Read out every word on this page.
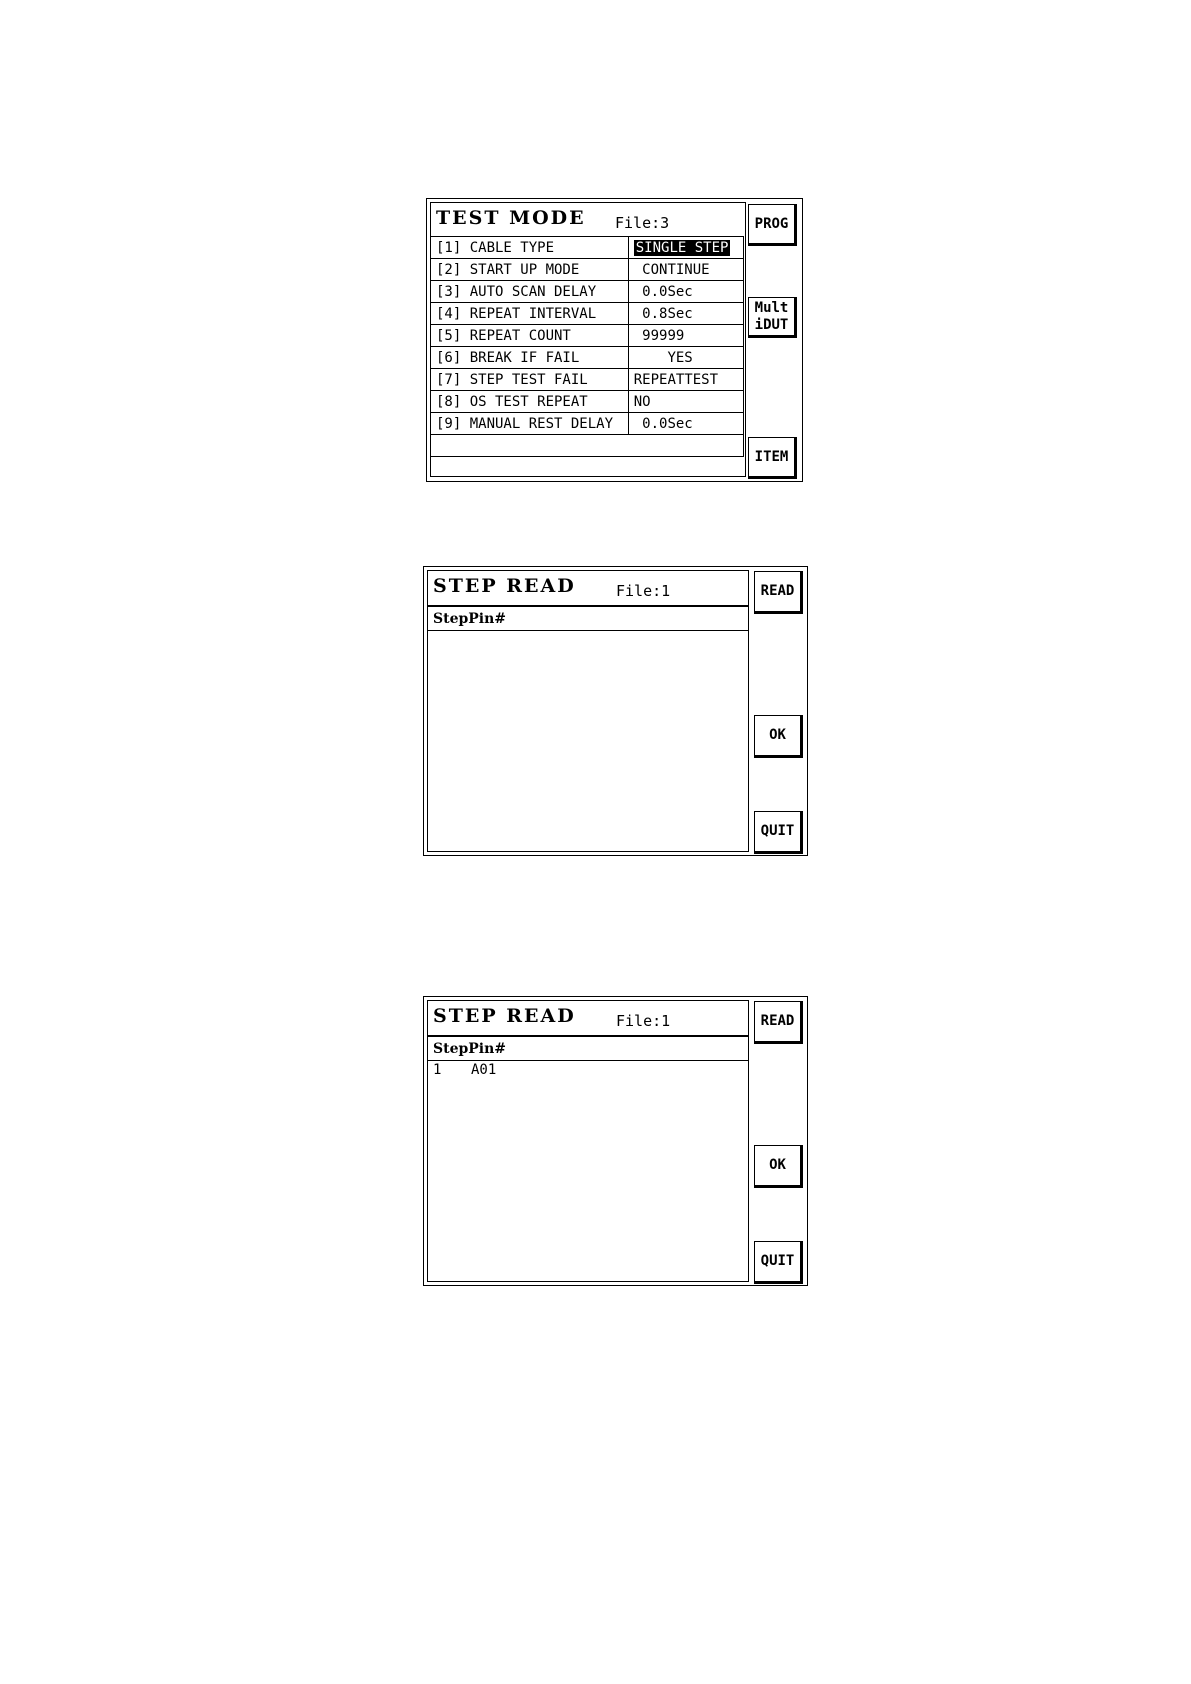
TEST MODE File:3
[1] CABLE TYPE	SINGLE STEP
[2] START UP MODE	CONTINUE
[3] AUTO SCAN DELAY	0.0Sec
[4] REPEAT INTERVAL	0.8Sec
[5] REPEAT COUNT	99999
[6] BREAK IF FAIL	YES
[7] STEP TEST FAIL	REPEATTEST
[8] OS TEST REPEAT	NO
[9] MANUAL REST DELAY	0.0Sec

PROG
Mult
iDUT
ITEM
STEP READ	File:1
StepPin#
READ
OK
QUIT
STEP READ	File:1
StepPin#
1 A01
READ
OK
QUIT
